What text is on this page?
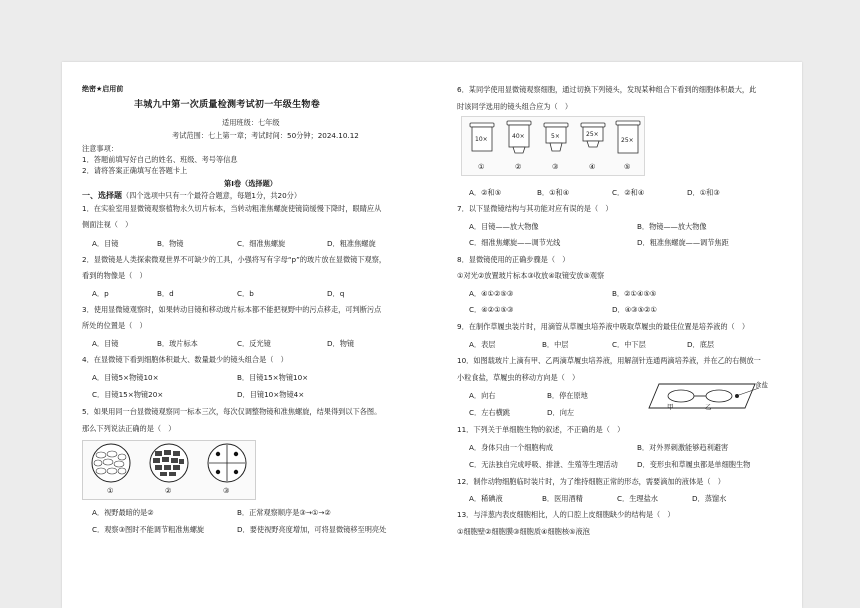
绝密★启用前
丰城九中第一次质量检测考试初一年级生物卷
适用班级：七年级
考试范围：七上第一章；考试时间：50分钟；2024.10.12
注意事项：
1．答题前填写好自己的姓名、班级、考号等信息
2．请将答案正确填写在答题卡上
第Ⅰ卷（选择题）
一、选择题（四个选项中只有一个最符合题意，每题1分，共20分）
1．在实验室用显微镜观察植物永久切片标本，当转动粗准焦螺旋使镜筒缓慢下降时，眼睛应从
侧面注视（　）
A．目镜	B．物镜	C．细准焦螺旋	D．粗准焦螺旋
2．显微镜是人类探索微观世界不可缺少的工具，小强将写有字母“p”的玻片放在显微镜下观察，
看到的物像是（　）
A．p	B．d	C．b	D．q
3．使用显微镜观察时，如果转动目镜和移动玻片标本都不能把视野中的污点移走，可判断污点
所处的位置是（　）
A．目镜	B．玻片标本	C．反光镜	D．物镜
4．在显微镜下看到细胞体积最大、数量最少的镜头组合是（　）
A．目镜5×物镜10×	B．目镜15×物镜10×
C．目镜15×物镜20×	D．目镜10×物镜4×
5．如果用同一台显微镜观察同一标本三次，每次仅调整物镜和准焦螺旋，结果得到以下各图。
那么下列说法正确的是（　）
①	②	③
A．视野最暗的是②	B．正常观察顺序是③→①→②
C．观察③图时不能调节粗准焦螺旋	D．要使视野亮度增加，可将显微镜移至明亮处
6．某同学使用显微镜观察细胞，通过切换下列镜头，发现某种组合下看到的细胞体积最大，此
时该同学选用的镜头组合应为（　）
10×	40×	5×	25×
25×
①	②	③	④	⑤
A．②和⑤	B．①和④	C．②和④	D．①和③
7．以下显微镜结构与其功能对应有误的是（　）
A．目镜——放大物像	B．物镜——放大物像
C．细准焦螺旋——调节光线	D．粗准焦螺旋——调节焦距
8．显微镜使用的正确步骤是（　）
①对光②放置玻片标本③收放④取镜安放⑤观察
A．④①②⑤③	B．②①④⑤⑤
C．④②①⑤③	D．④③⑤②①
9．在制作草履虫装片时，用滴管从草履虫培养液中吸取草履虫的最佳位置是培养液的（　）
A．表层	B．中层	C．中下层	D．底层
10．如图载玻片上滴有甲、乙两滴草履虫培养液，用解剖针连通两滴培养液，并在乙的右侧放一
小粒食盐，草履虫的移动方向是（　）
A．向右	B．停在原地
C．左右横跳	D．向左
食盐
甲	乙
11．下列关于单细胞生物的叙述，不正确的是（　）
A．身体只由一个细胞构成	B．对外界刺激能够趋利避害
C．无法独自完成呼吸、排泄、生殖等生理活动	D．变形虫和草履虫都是单细胞生物
12．制作动物细胞临时装片时，为了维持细胞正常的形态，需要滴加的液体是（　）
A．稀碘液	B．医用酒精	C．生理盐水	D．蒸馏水
13．与洋葱内表皮细胞相比，人的口腔上皮细胞缺少的结构是（　）
①细胞壁②细胞膜③细胞质④细胞核⑤液泡
